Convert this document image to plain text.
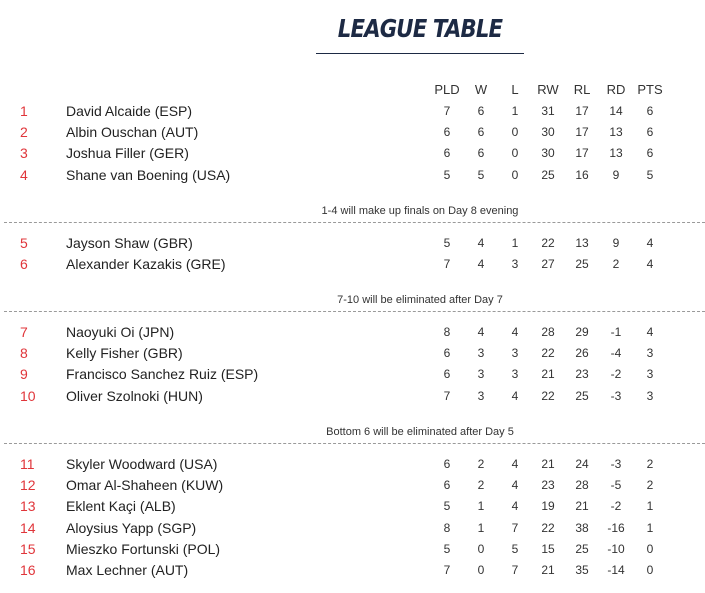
LEAGUE TABLE
PLD	W	L	RW	RL	RD PTS
1	David Alcaide (ESP)	7	6	1	31	17	14	6
2	Albin Ouschan (AUT)	6	6	0	30	17	13	6
3	Joshua Filler (GER)	6	6	0	30	17	13	6
4	Shane van Boening (USA)	5	5	0	25	16	9	5
1-4 will make up finals on Day 8 evening
5	Jayson Shaw (GBR)	5	4	1	22	13	9	4
6	Alexander Kazakis (GRE)	7	4	3	27	25	2	4
7-10 will be eliminated after Day 7
7	Naoyuki Oi (JPN)	8	4	4	28	29	-1	4
8	Kelly Fisher (GBR)	6	3	3	22	26	-4	3
9	Francisco Sanchez Ruiz (ESP)	6	3	3	21	23	-2	3
10 Oliver Szolnoki (HUN)	7	3	4	22	25	-3	3
Bottom 6 will be eliminated after Day 5
11 Skyler Woodward (USA)	6	2	4	21	24	-3	2
12 Omar Al-Shaheen (KUW)	6	2	4	23	28	-5	2
13 Eklent Kaçi (ALB)	5	1	4	19	21	-2	1
14 Aloysius Yapp (SGP)	8	1	7	22	38	-16	1
15 Mieszko Fortunski (POL)	5	0	5	15	25	-10	0
16 Max Lechner (AUT)	7	0	7	21	35	-14	0
